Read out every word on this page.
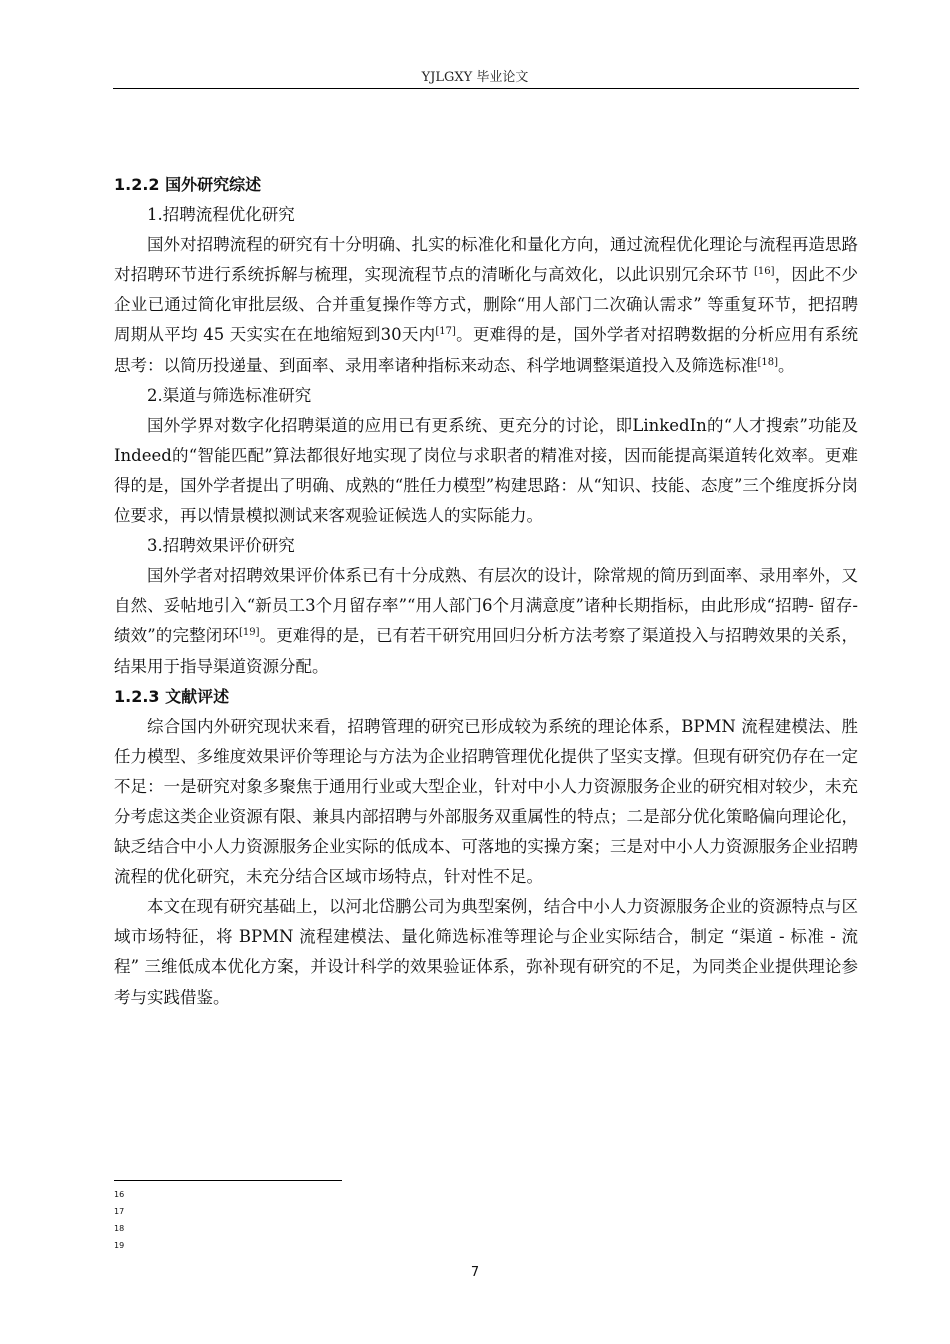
YJLGXY 毕业论文

1.2.2 国外研究综述

1.招聘流程优化研究

国外对招聘流程的研究有十分明确、扎实的标准化和量化方向，通过流程优化理论与流程再造思路对招聘环节进行系统拆解与梳理，实现流程节点的清晰化与高效化，以此识别冗余环节 [16]，因此不少企业已通过简化审批层级、合并重复操作等方式，删除“用人部门二次确认需求” 等重复环节，把招聘周期从平均 45 天实实在在地缩短到30天内[17]。更难得的是，国外学者对招聘数据的分析应用有系统思考：以简历投递量、到面率、录用率诸种指标来动态、科学地调整渠道投入及筛选标准[18]。

2.渠道与筛选标准研究

国外学界对数字化招聘渠道的应用已有更系统、更充分的讨论，即LinkedIn的“人才搜索”功能及Indeed的“智能匹配”算法都很好地实现了岗位与求职者的精准对接，因而能提高渠道转化效率。更难得的是，国外学者提出了明确、成熟的“胜任力模型”构建思路：从“知识、技能、态度”三个维度拆分岗位要求，再以情景模拟测试来客观验证候选人的实际能力。

3.招聘效果评价研究

国外学者对招聘效果评价体系已有十分成熟、有层次的设计，除常规的简历到面率、录用率外，又自然、妥帖地引入“新员工3个月留存率”“用人部门6个月满意度”诸种长期指标，由此形成“招聘- 留存- 绩效”的完整闭环[19]。更难得的是，已有若干研究用回归分析方法考察了渠道投入与招聘效果的关系，结果用于指导渠道资源分配。

1.2.3 文献评述

综合国内外研究现状来看，招聘管理的研究已形成较为系统的理论体系，BPMN 流程建模法、胜任力模型、多维度效果评价等理论与方法为企业招聘管理优化提供了坚实支撑。但现有研究仍存在一定不足：一是研究对象多聚焦于通用行业或大型企业，针对中小人力资源服务企业的研究相对较少，未充分考虑这类企业资源有限、兼具内部招聘与外部服务双重属性的特点；二是部分优化策略偏向理论化，缺乏结合中小人力资源服务企业实际的低成本、可落地的实操方案；三是对中小人力资源服务企业招聘流程的优化研究，未充分结合区域市场特点，针对性不足。

本文在现有研究基础上，以河北岱鹏公司为典型案例，结合中小人力资源服务企业的资源特点与区域市场特征，将 BPMN 流程建模法、量化筛选标准等理论与企业实际结合，制定 “渠道 - 标准 - 流程” 三维低成本优化方案，并设计科学的效果验证体系，弥补现有研究的不足，为同类企业提供理论参考与实践借鉴。

16
17
18
19
7
